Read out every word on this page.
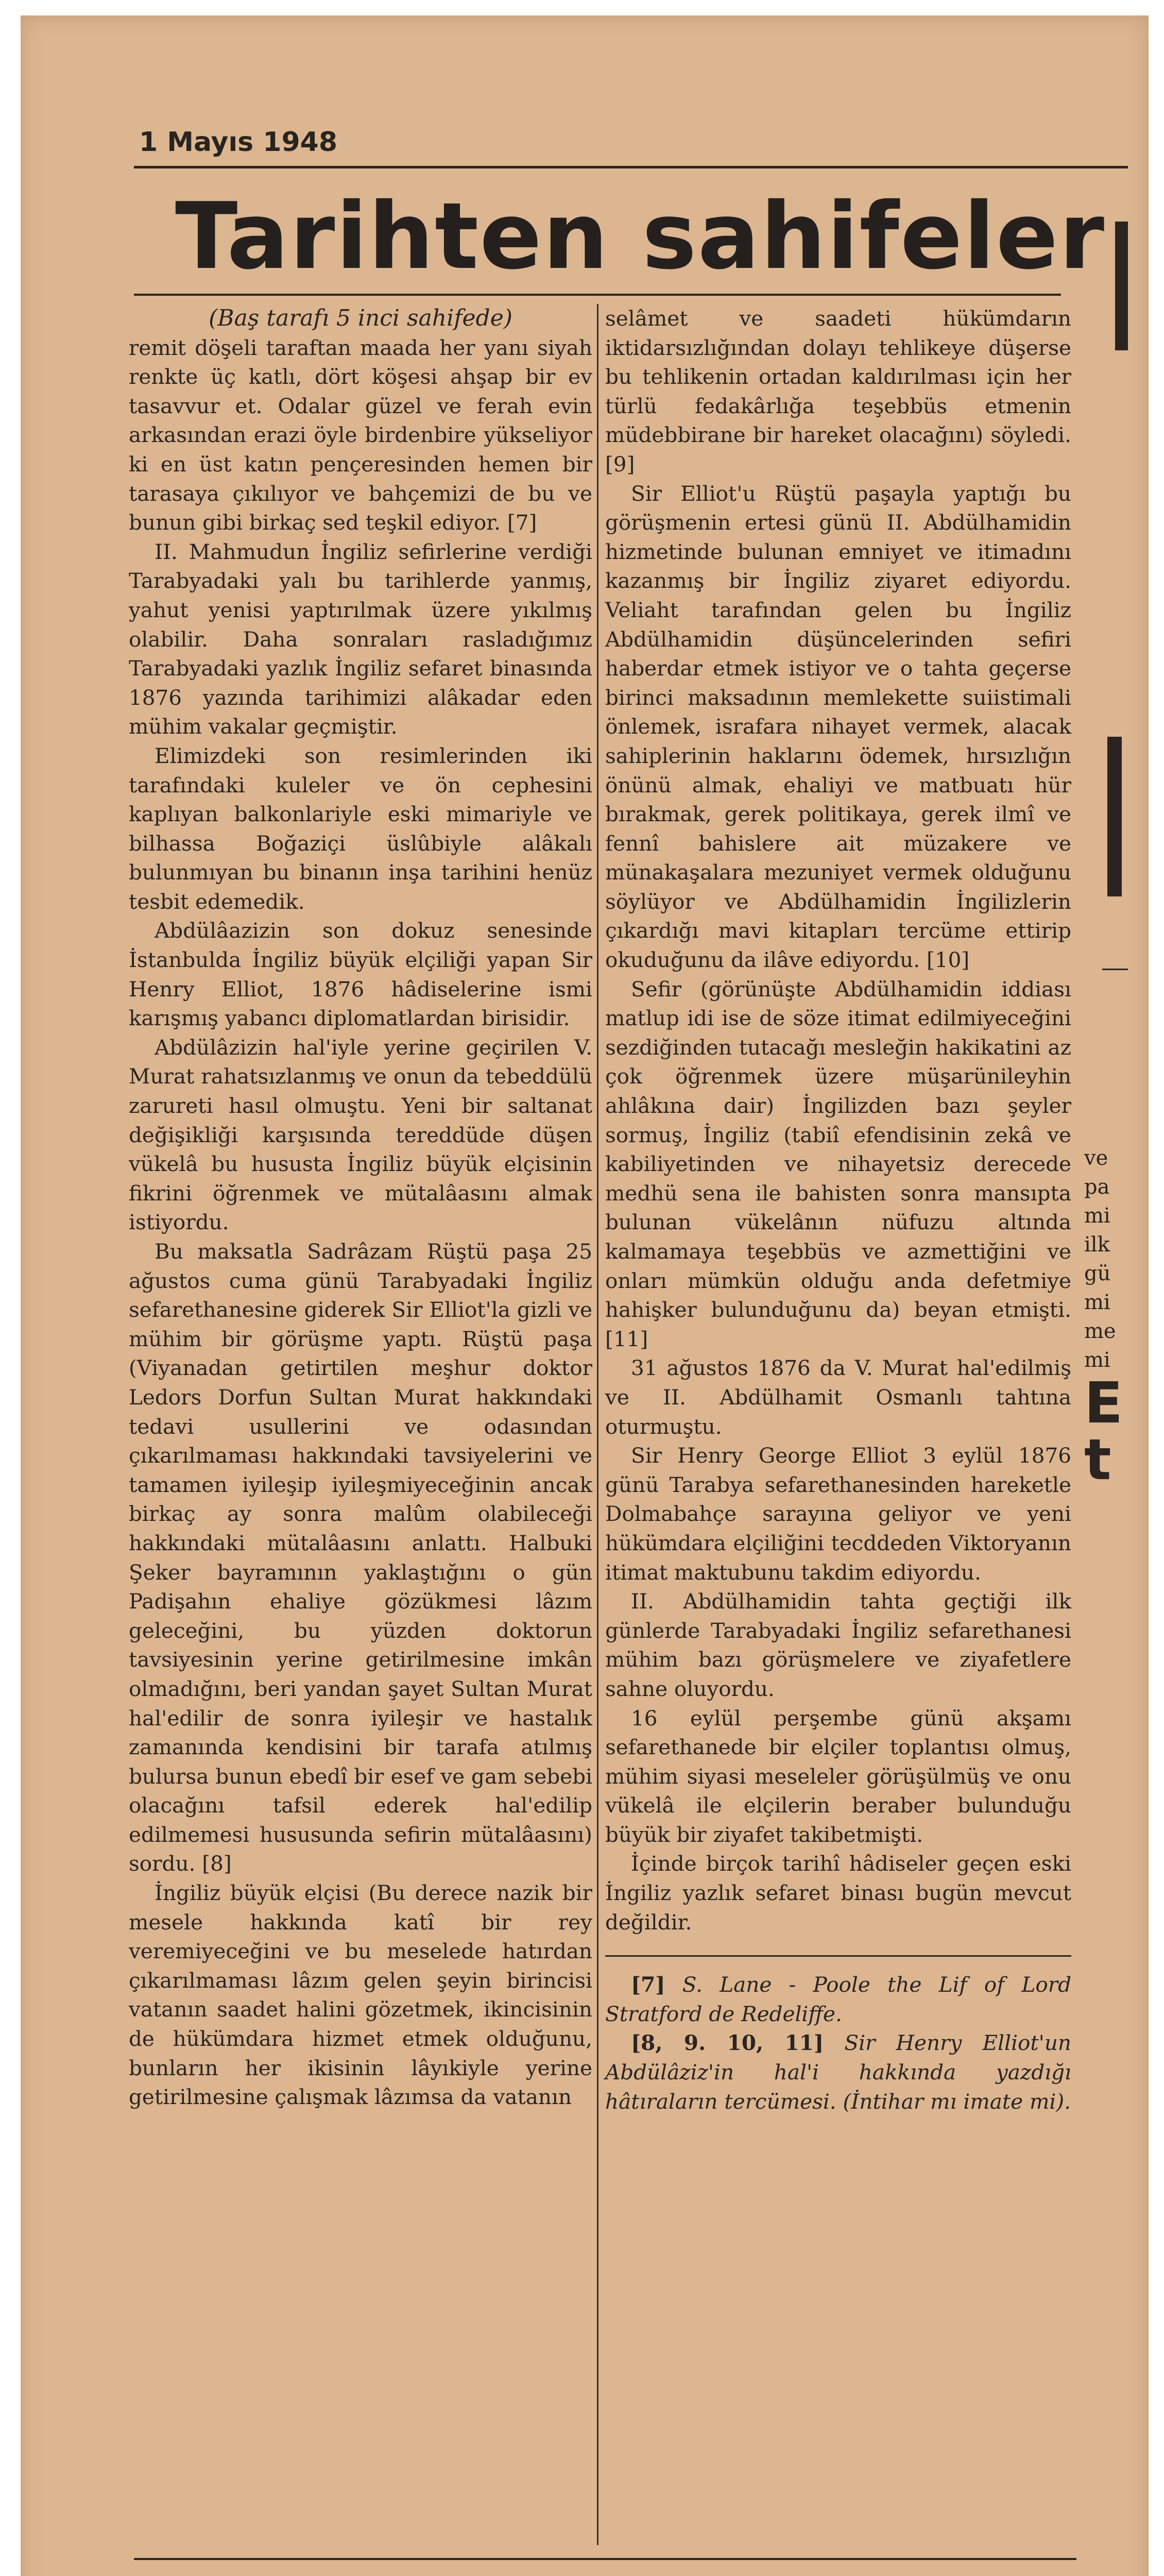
1 Mayıs 1948
Tarihten sahifeler

(Baş tarafı 5 inci sahifede)

remit döşeli taraftan maada her yanı siyah renkte üç katlı, dört köşesi ahşap bir ev tasavvur et. Odalar güzel ve ferah evin arkasından erazi öyle birdenbire yükseliyor ki en üst katın pençeresinden hemen bir tarasaya çıkılıyor ve bahçemizi de bu ve bunun gibi birkaç sed teşkil ediyor. [7]

II. Mahmudun İngiliz sefirlerine verdiği Tarabyadaki yalı bu tarihlerde yanmış, yahut yenisi yaptırılmak üzere yıkılmış olabilir. Daha sonraları rasladığımız Tarabyadaki yazlık İngiliz sefaret binasında 1876 yazında tarihimizi alâkadar eden mühim vakalar geçmiştir.

Elimizdeki son resimlerinden iki tarafındaki kuleler ve ön cephesini kaplıyan balkonlariyle eski mimariyle ve bilhassa Boğaziçi üslûbiyle alâkalı bulunmıyan bu binanın inşa tarihini henüz tesbit edemedik.

Abdülâazizin son dokuz senesinde İstanbulda İngiliz büyük elçiliği yapan Sir Henry Elliot, 1876 hâdiselerine ismi karışmış yabancı diplomatlardan birisidir.

Abdülâzizin hal'iyle yerine geçirilen V. Murat rahatsızlanmış ve onun da tebeddülü zarureti hasıl olmuştu. Yeni bir saltanat değişikliği karşısında tereddüde düşen vükelâ bu hususta İngiliz büyük elçisinin fikrini öğrenmek ve mütalâasını almak istiyordu.

Bu maksatla Sadrâzam Rüştü paşa 25 ağustos cuma günü Tarabyadaki İngiliz sefarethanesine giderek Sir Elliot'la gizli ve mühim bir görüşme yaptı. Rüştü paşa (Viyanadan getirtilen meşhur doktor Ledors Dorfun Sultan Murat hakkındaki tedavi usullerini ve odasından çıkarılmaması hakkındaki tavsiyelerini ve tamamen iyileşip iyileşmiyeceğinin ancak birkaç ay sonra malûm olabileceği hakkındaki mütalâasını anlattı. Halbuki Şeker bayramının yaklaştığını o gün Padişahın ehaliye gözükmesi lâzım geleceğini, bu yüzden doktorun tavsiyesinin yerine getirilmesine imkân olmadığını, beri yandan şayet Sultan Murat hal'edilir de sonra iyileşir ve hastalık zamanında kendisini bir tarafa atılmış bulursa bunun ebedî bir esef ve gam sebebi olacağını tafsil ederek hal'edilip edilmemesi hususunda sefirin mütalâasını) sordu. [8]

İngiliz büyük elçisi (Bu derece nazik bir mesele hakkında katî bir rey veremiyeceğini ve bu meselede hatırdan çıkarılmaması lâzım gelen şeyin birincisi vatanın saadet halini gözetmek, ikincisinin de hükümdara hizmet etmek olduğunu, bunların her ikisinin lâyıkiyle yerine getirilmesine çalışmak lâzımsa da vatanın

selâmet ve saadeti hükümdarın iktidarsızlığından dolayı tehlikeye düşerse bu tehlikenin ortadan kaldırılması için her türlü fedakârlığa teşebbüs etmenin müdebbirane bir hareket olacağını) söyledi. [9]

Sir Elliot'u Rüştü paşayla yaptığı bu görüşmenin ertesi günü II. Abdülhamidin hizmetinde bulunan emniyet ve itimadını kazanmış bir İngiliz ziyaret ediyordu. Veliaht tarafından gelen bu İngiliz Abdülhamidin düşüncelerinden sefiri haberdar etmek istiyor ve o tahta geçerse birinci maksadının memlekette suiistimali önlemek, israfara nihayet vermek, alacak sahiplerinin haklarını ödemek, hırsızlığın önünü almak, ehaliyi ve matbuatı hür bırakmak, gerek politikaya, gerek ilmî ve fennî bahislere ait müzakere ve münakaşalara mezuniyet vermek olduğunu söylüyor ve Abdülhamidin İngilizlerin çıkardığı mavi kitapları tercüme ettirip okuduğunu da ilâve ediyordu. [10]

Sefir (görünüşte Abdülhamidin iddiası matlup idi ise de söze itimat edilmiyeceğini sezdiğinden tutacağı mesleğin hakikatini az çok öğrenmek üzere müşarünileyhin ahlâkına dair) İngilizden bazı şeyler sormuş, İngiliz (tabiî efendisinin zekâ ve kabiliyetinden ve nihayetsiz derecede medhü sena ile bahisten sonra mansıpta bulunan vükelânın nüfuzu altında kalmamaya teşebbüs ve azmettiğini ve onları mümkün olduğu anda defetmiye hahişker bulunduğunu da) beyan etmişti. [11]

31 ağustos 1876 da V. Murat hal'edilmiş ve II. Abdülhamit Osmanlı tahtına oturmuştu.

Sir Henry George Elliot 3 eylül 1876 günü Tarabya sefarethanesinden hareketle Dolmabahçe sarayına geliyor ve yeni hükümdara elçiliğini tecddeden Viktoryanın itimat maktubunu takdim ediyordu.

II. Abdülhamidin tahta geçtiği ilk günlerde Tarabyadaki İngiliz sefarethanesi mühim bazı görüşmelere ve ziyafetlere sahne oluyordu.

16 eylül perşembe günü akşamı sefarethanede bir elçiler toplantısı olmuş, mühim siyasi meseleler görüşülmüş ve onu vükelâ ile elçilerin beraber bulunduğu büyük bir ziyafet takibetmişti.

İçinde birçok tarihî hâdiseler geçen eski İngiliz yazlık sefaret binası bugün mevcut değildir.

[7] S. Lane - Poole the Lif of Lord Stratford de Redeliffe.

[8, 9. 10, 11] Sir Henry Elliot'un Abdülâziz'in hal'i hakkında yazdığı hâtıraların tercümesi. (İntihar mı imate mi).

ve
pa
mi
ilk
gü
mi
me
mi
E
t
